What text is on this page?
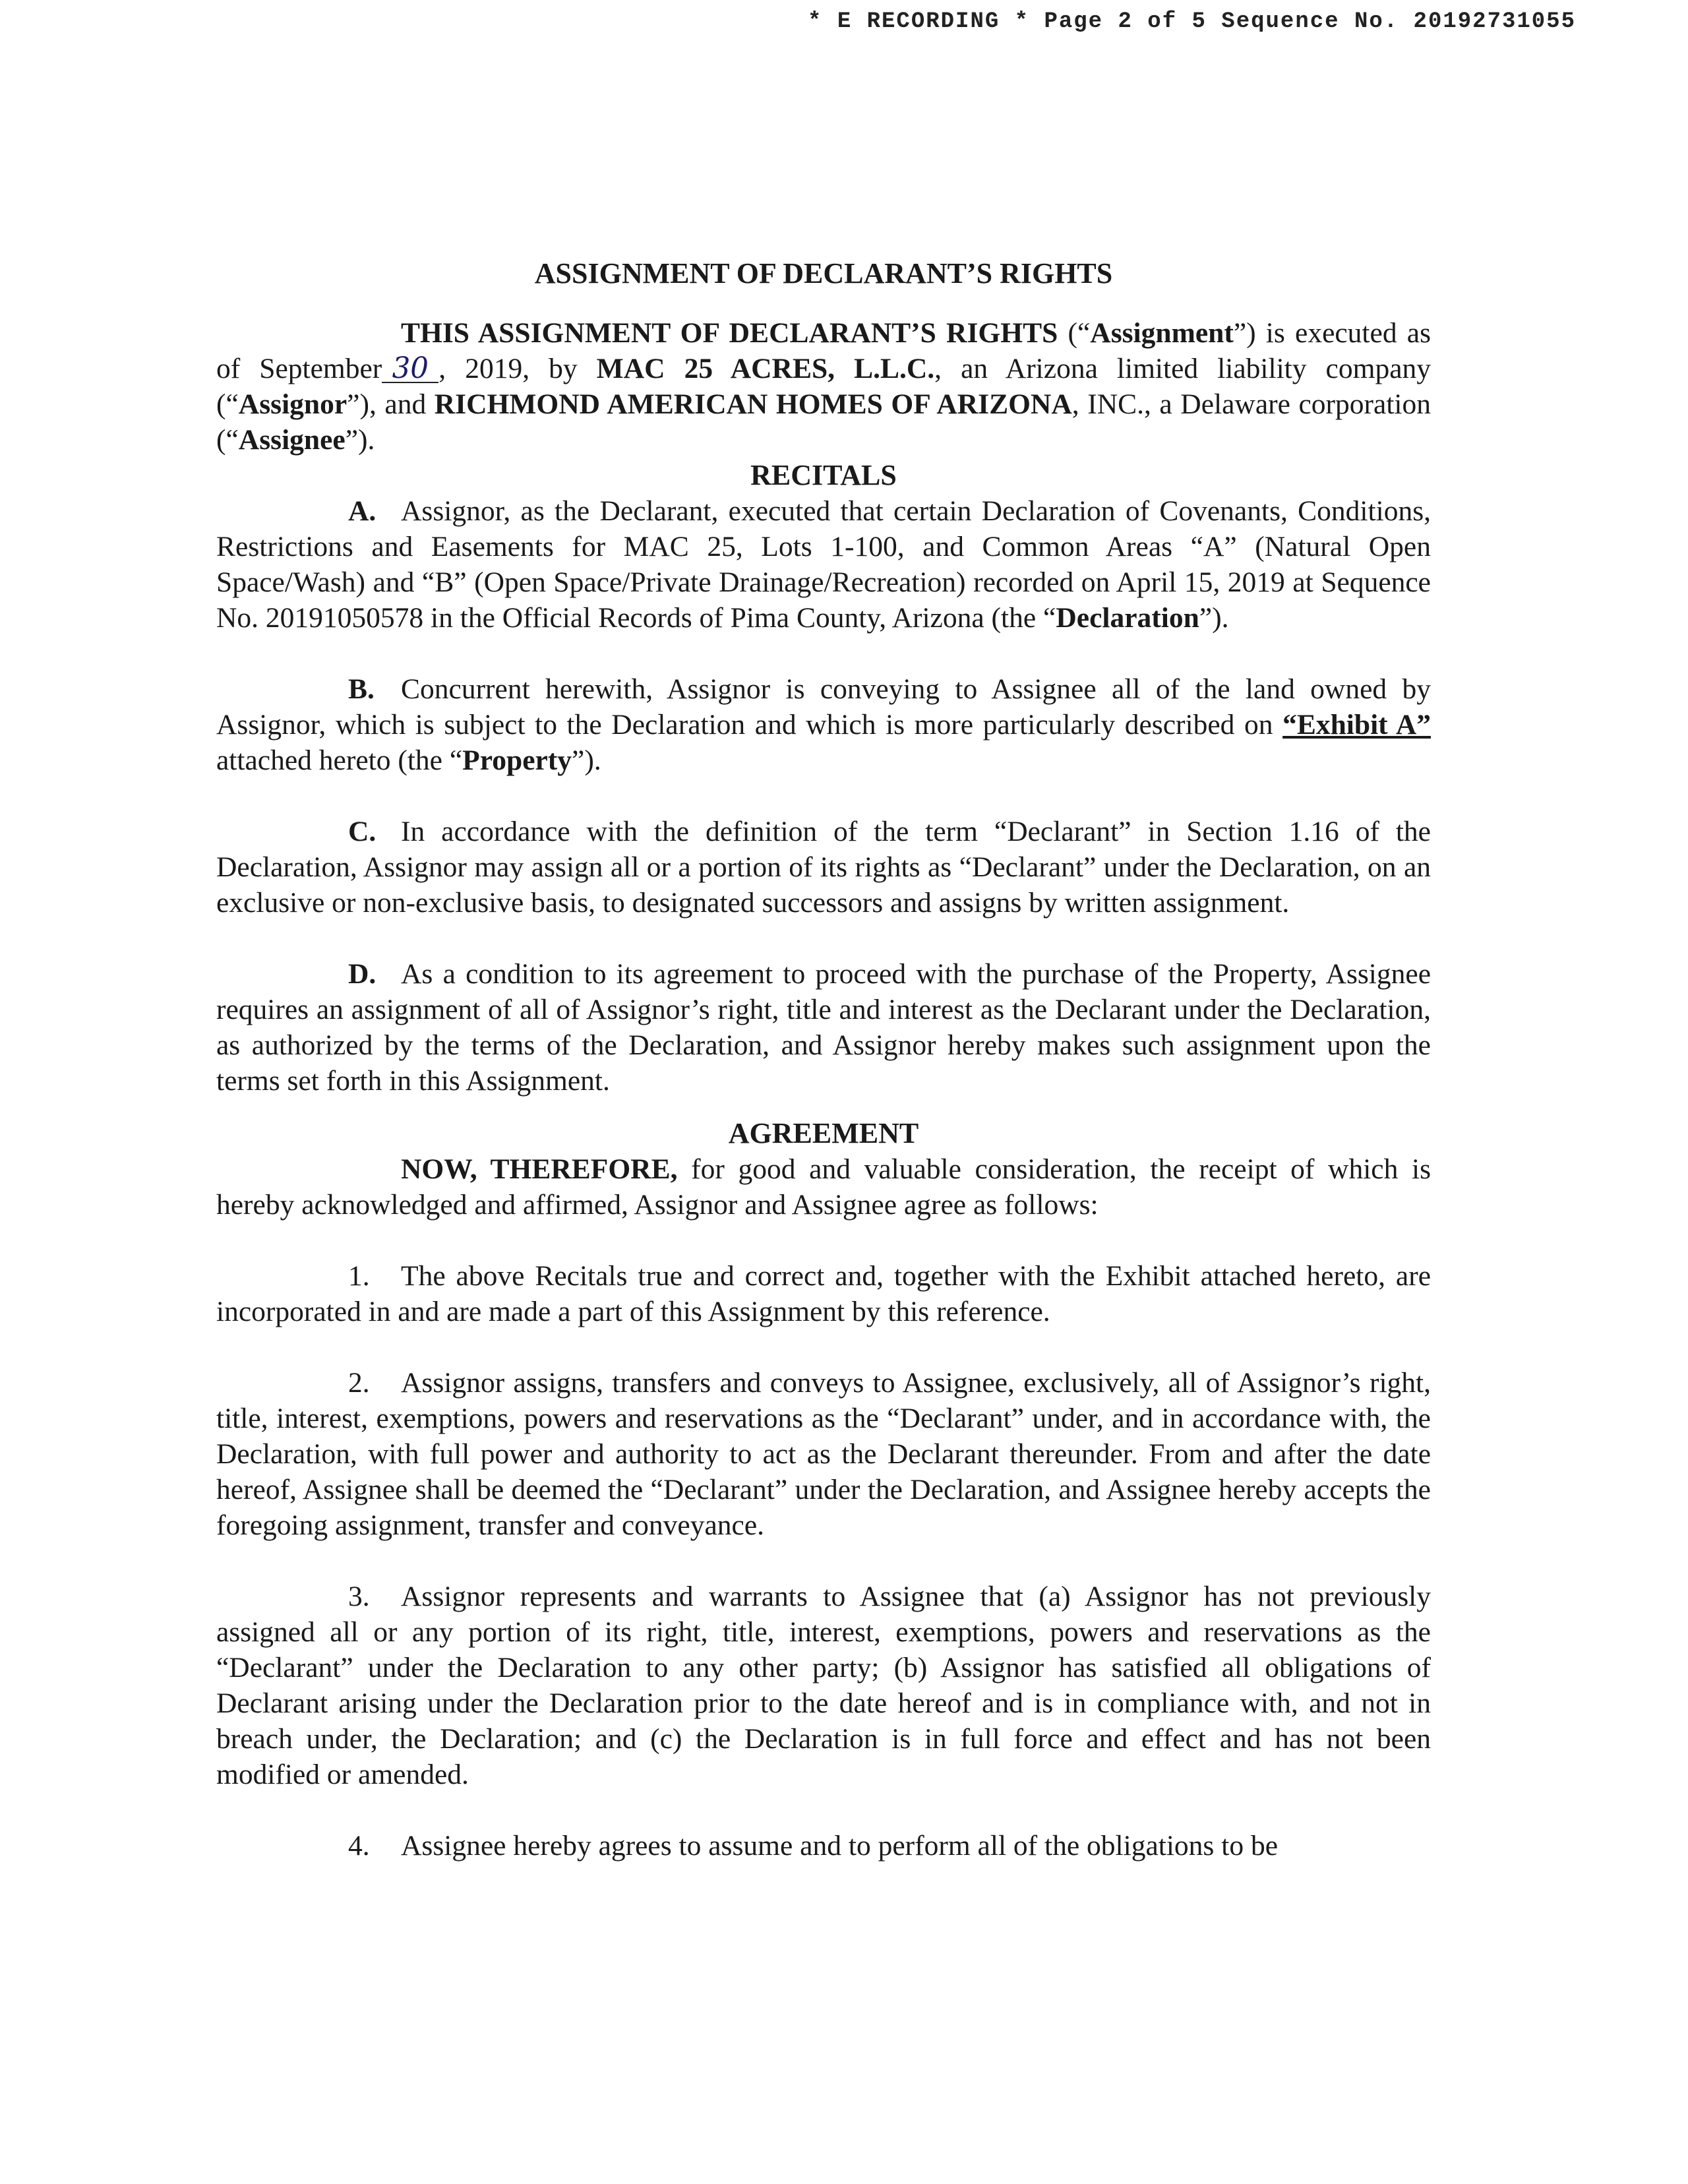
* E RECORDING * Page 2 of 5 Sequence No. 20192731055
ASSIGNMENT OF DECLARANT’S RIGHTS

THIS ASSIGNMENT OF DECLARANT’S RIGHTS (“Assignment”) is executed as of September 30 , 2019, by MAC 25 ACRES, L.L.C., an Arizona limited liability company (“Assignor”), and RICHMOND AMERICAN HOMES OF ARIZONA, INC., a Delaware corporation (“Assignee”).

RECITALS

A. Assignor, as the Declarant, executed that certain Declaration of Covenants, Conditions, Restrictions and Easements for MAC 25, Lots 1-100, and Common Areas “A” (Natural Open Space/Wash) and “B” (Open Space/Private Drainage/Recreation) recorded on April 15, 2019 at Sequence No. 20191050578 in the Official Records of Pima County, Arizona (the “Declaration”).

B. Concurrent herewith, Assignor is conveying to Assignee all of the land owned by Assignor, which is subject to the Declaration and which is more particularly described on “Exhibit A” attached hereto (the “Property”).

C. In accordance with the definition of the term “Declarant” in Section 1.16 of the Declaration, Assignor may assign all or a portion of its rights as “Declarant” under the Declaration, on an exclusive or non-exclusive basis, to designated successors and assigns by written assignment.

D. As a condition to its agreement to proceed with the purchase of the Property, Assignee requires an assignment of all of Assignor’s right, title and interest as the Declarant under the Declaration, as authorized by the terms of the Declaration, and Assignor hereby makes such assignment upon the terms set forth in this Assignment.

AGREEMENT

NOW, THEREFORE, for good and valuable consideration, the receipt of which is hereby acknowledged and affirmed, Assignor and Assignee agree as follows:

1. The above Recitals true and correct and, together with the Exhibit attached hereto, are incorporated in and are made a part of this Assignment by this reference.

2. Assignor assigns, transfers and conveys to Assignee, exclusively, all of Assignor’s right, title, interest, exemptions, powers and reservations as the “Declarant” under, and in accordance with, the Declaration, with full power and authority to act as the Declarant thereunder. From and after the date hereof, Assignee shall be deemed the “Declarant” under the Declaration, and Assignee hereby accepts the foregoing assignment, transfer and conveyance.

3. Assignor represents and warrants to Assignee that (a) Assignor has not previously assigned all or any portion of its right, title, interest, exemptions, powers and reservations as the “Declarant” under the Declaration to any other party; (b) Assignor has satisfied all obligations of Declarant arising under the Declaration prior to the date hereof and is in compliance with, and not in breach under, the Declaration; and (c) the Declaration is in full force and effect and has not been modified or amended.

4. Assignee hereby agrees to assume and to perform all of the obligations to be
